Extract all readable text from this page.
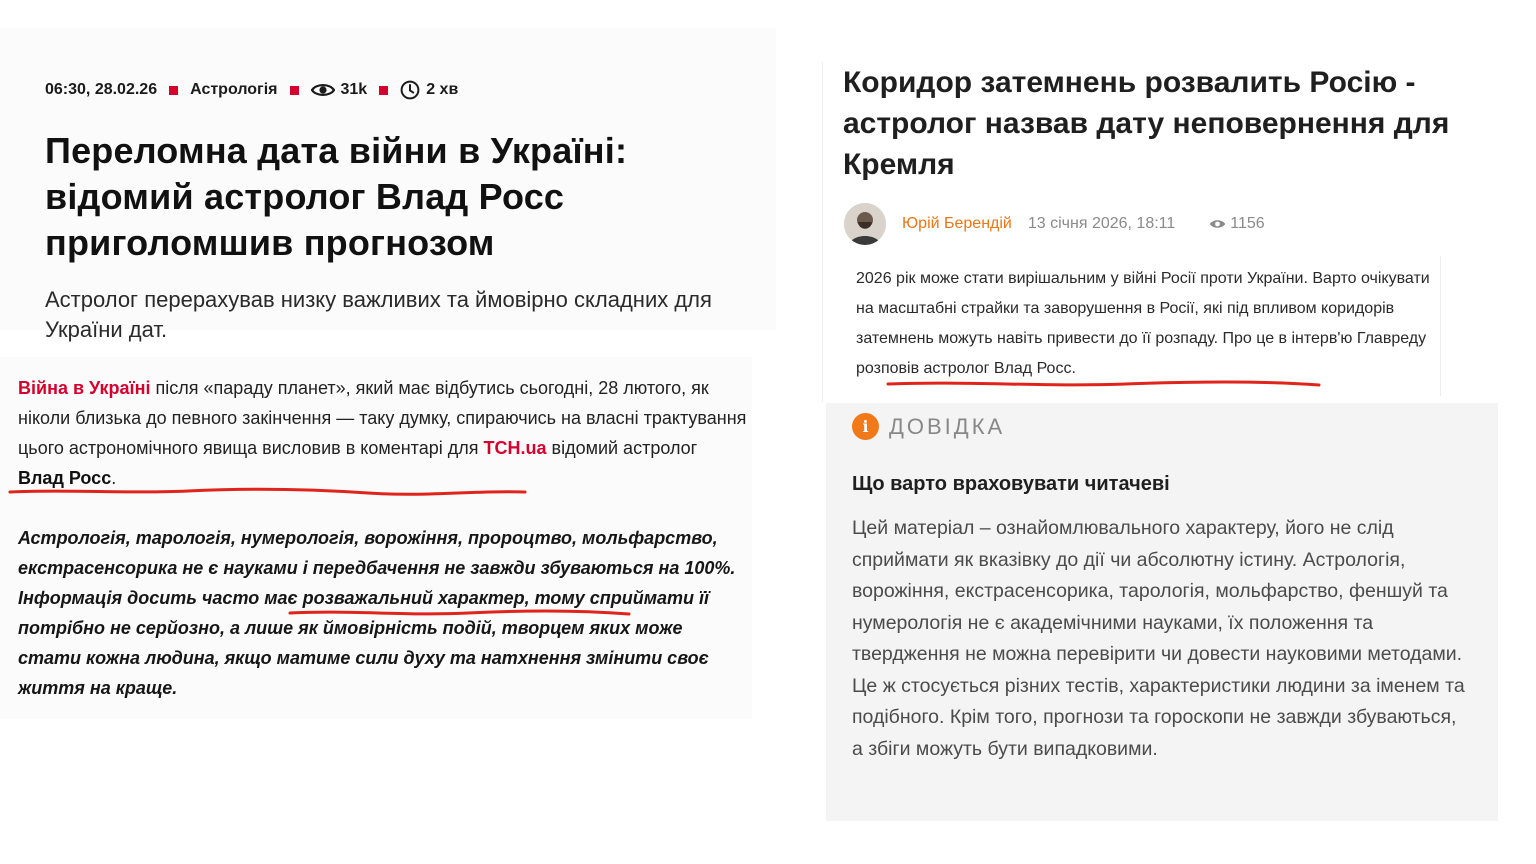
06:30, 28.02.26 Астрологія	31k	2 хв
Переломна дата війни в Україні: відомий астролог Влад Росс приголомшив прогнозом
Астролог перерахував низку важливих та ймовірно складних для України дат.
Війна в Україні після «параду планет», який має відбутись сьогодні, 28 лютого, як ніколи близька до певного закінчення — таку думку, спираючись на власні трактування цього астрономічного явища висловив в коментарі для ТСН.ua відомий астролог Влад Росс.
Астрологія, тарологія, нумерологія, ворожіння, пророцтво, мольфарство, екстрасенсорика не є науками і передбачення не завжди збуваються на 100%. Інформація досить часто має розважальний характер, тому сприймати її потрібно не серйозно, а лише як ймовірність подій, творцем яких може стати кожна людина, якщо матиме сили духу та натхнення змінити своє життя на краще.
Коридор затемнень розвалить Росію - астролог назвав дату неповернення для Кремля
Юрій Берендій 13 січня 2026, 18:11	1156
2026 рік може стати вирішальним у війні Росії проти України. Варто очікувати на масштабні страйки та заворушення в Росії, які під впливом коридорів затемнень можуть навіть привести до її розпаду. Про це в інтерв'ю Главреду розповів астролог Влад Росс.
i ДОВІДКА
Що варто враховувати читачеві
Цей матеріал – ознайомлювального характеру, його не слід сприймати як вказівку до дії чи абсолютну істину. Астрологія, ворожіння, екстрасенсорика, тарологія, мольфарство, феншуй та нумерологія не є академічними науками, їх положення та твердження не можна перевірити чи довести науковими методами. Це ж стосується різних тестів, характеристики людини за іменем та подібного. Крім того, прогнози та гороскопи не завжди збуваються, а збіги можуть бути випадковими.
